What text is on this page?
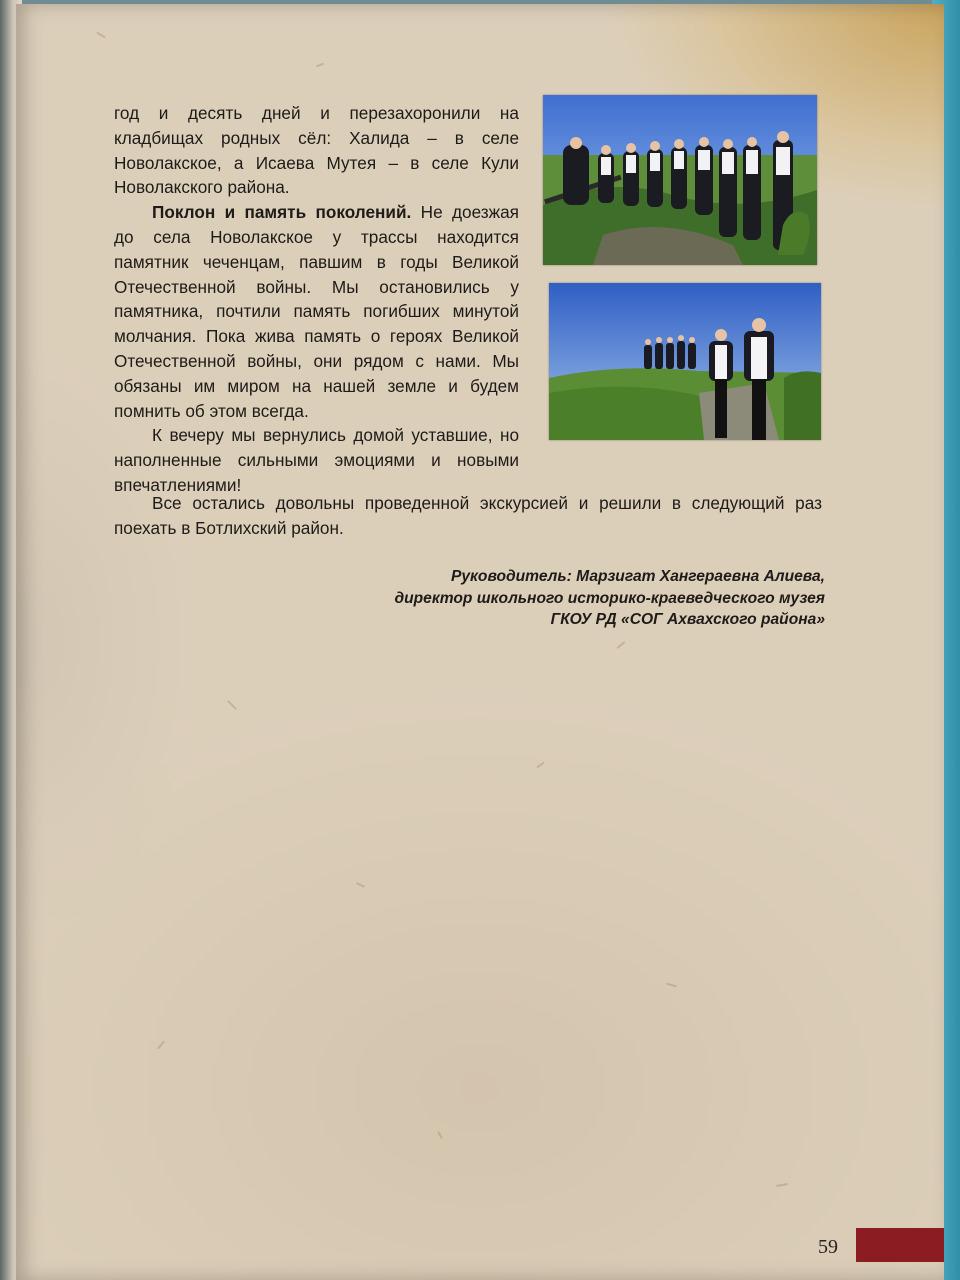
год и десять дней и перезахоронили на кладбищах родных сёл: Халида – в селе Новолакское, а Исаева Мутея – в селе Кули Новолакского района.

Поклон и память поколений. Не доезжая до села Новолакское у трассы находится памятник чеченцам, павшим в годы Великой Отечественной войны. Мы остановились у памятника, почтили память погибших минутой молчания. Пока жива память о героях Великой Отечественной войны, они рядом с нами. Мы обязаны им миром на нашей земле и будем помнить об этом всегда.

К вечеру мы вернулись домой уставшие, но наполненные сильными эмоциями и новыми впечатлениями!

Все остались довольны проведенной экскурсией и решили в следующий раз поехать в Ботлихский район.
Руководитель: Марзигат Хангераевна Алиева,
директор школьного историко-краеведческого музея
ГКОУ РД «СОГ Ахвахского района»
59
